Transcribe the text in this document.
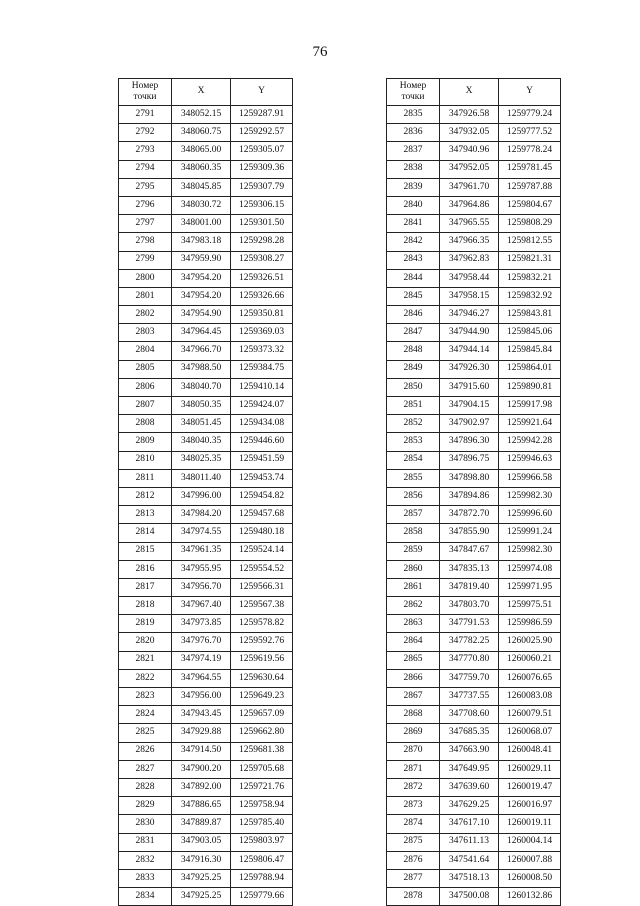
76
Номер
точки	X	Y
2791	348052.15	1259287.91
2792	348060.75	1259292.57
2793	348065.00	1259305.07
2794	348060.35	1259309.36
2795	348045.85	1259307.79
2796	348030.72	1259306.15
2797	348001.00	1259301.50
2798	347983.18	1259298.28
2799	347959.90	1259308.27
2800	347954.20	1259326.51
2801	347954.20	1259326.66
2802	347954.90	1259350.81
2803	347964.45	1259369.03
2804	347966.70	1259373.32
2805	347988.50	1259384.75
2806	348040.70	1259410.14
2807	348050.35	1259424.07
2808	348051.45	1259434.08
2809	348040.35	1259446.60
2810	348025.35	1259451.59
2811	348011.40	1259453.74
2812	347996.00	1259454.82
2813	347984.20	1259457.68
2814	347974.55	1259480.18
2815	347961.35	1259524.14
2816	347955.95	1259554.52
2817	347956.70	1259566.31
2818	347967.40	1259567.38
2819	347973.85	1259578.82
2820	347976.70	1259592.76
2821	347974.19	1259619.56
2822	347964.55	1259630.64
2823	347956.00	1259649.23
2824	347943.45	1259657.09
2825	347929.88	1259662.80
2826	347914.50	1259681.38
2827	347900.20	1259705.68
2828	347892.00	1259721.76
2829	347886.65	1259758.94
2830	347889.87	1259785.40
2831	347903.05	1259803.97
2832	347916.30	1259806.47
2833	347925.25	1259788.94
2834	347925.25	1259779.66
Номер
точки	X	Y
2835	347926.58	1259779.24
2836	347932.05	1259777.52
2837	347940.96	1259778.24
2838	347952.05	1259781.45
2839	347961.70	1259787.88
2840	347964.86	1259804.67
2841	347965.55	1259808.29
2842	347966.35	1259812.55
2843	347962.83	1259821.31
2844	347958.44	1259832.21
2845	347958.15	1259832.92
2846	347946.27	1259843.81
2847	347944.90	1259845.06
2848	347944.14	1259845.84
2849	347926.30	1259864.01
2850	347915.60	1259890.81
2851	347904.15	1259917.98
2852	347902.97	1259921.64
2853	347896.30	1259942.28
2854	347896.75	1259946.63
2855	347898.80	1259966.58
2856	347894.86	1259982.30
2857	347872.70	1259996.60
2858	347855.90	1259991.24
2859	347847.67	1259982.30
2860	347835.13	1259974.08
2861	347819.40	1259971.95
2862	347803.70	1259975.51
2863	347791.53	1259986.59
2864	347782.25	1260025.90
2865	347770.80	1260060.21
2866	347759.70	1260076.65
2867	347737.55	1260083.08
2868	347708.60	1260079.51
2869	347685.35	1260068.07
2870	347663.90	1260048.41
2871	347649.95	1260029.11
2872	347639.60	1260019.47
2873	347629.25	1260016.97
2874	347617.10	1260019.11
2875	347611.13	1260004.14
2876	347541.64	1260007.88
2877	347518.13	1260008.50
2878	347500.08	1260132.86
